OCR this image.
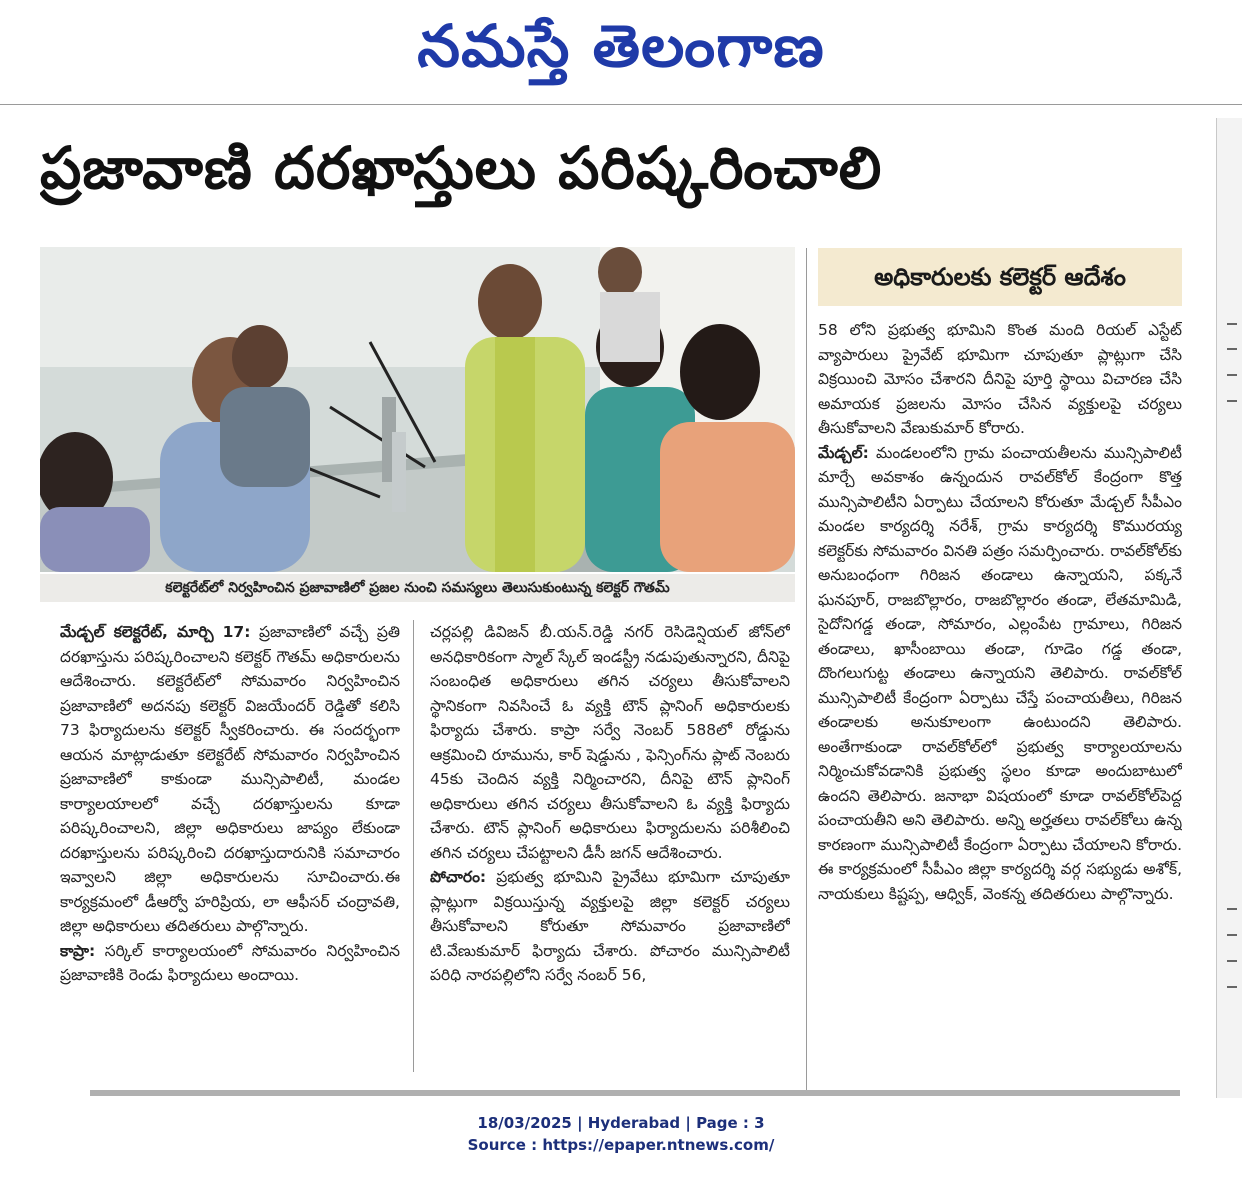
నమస్తే తెలంగాణ
ప్రజావాణి దరఖాస్తులు పరిష్కరించాలి
కలెక్టరేట్‌లో నిర్వహించిన ప్రజావాణిలో ప్రజల నుంచి సమస్యలు తెలుసుకుంటున్న కలెక్టర్ గౌతమ్
అధికారులకు కలెక్టర్ ఆదేశం

మేడ్చల్ కలెక్టరేట్, మార్చి 17: ప్రజావాణిలో వచ్చే ప్రతి దరఖాస్తును పరిష్కరించాలని కలెక్టర్ గౌతమ్ అధికారులను ఆదేశించారు. కలెక్టరేట్‌లో సోమవారం నిర్వహించిన ప్రజావాణిలో అదనపు కలెక్టర్ విజయేందర్ రెడ్డితో కలిసి 73 ఫిర్యాదులను కలెక్టర్ స్వీకరించారు. ఈ సందర్భంగా ఆయన మాట్లాడుతూ కలెక్టరేట్ సోమవారం నిర్వహించిన ప్రజావాణిలో కాకుండా మున్సిపాలిటీ, మండల కార్యాలయాలలో వచ్చే దరఖాస్తులను కూడా పరిష్కరించాలని, జిల్లా అధికారులు జాప్యం లేకుండా దరఖాస్తులను పరిష్కరించి దరఖాస్తుదారునికి సమాచారం ఇవ్వాలని జిల్లా అధికారులను సూచించారు.ఈ కార్యక్రమంలో డీఆర్వో హరిప్రియ, లా ఆఫీసర్ చంద్రావతి, జిల్లా అధికారులు తదితరులు పాల్గొన్నారు.

కాప్రా: సర్కిల్ కార్యాలయంలో సోమవారం నిర్వహించిన ప్రజావాణికి రెండు ఫిర్యాదులు అందాయి.

చర్లపల్లి డివిజన్ బీ.యన్.రెడ్డి నగర్ రెసిడెన్షియల్ జోన్‌లో అనధికారికంగా స్మాల్ స్కేల్ ఇండస్ట్రీ నడుపుతున్నారని, దీనిపై సంబంధిత అధికారులు తగిన చర్యలు తీసుకోవాలని స్థానికంగా నివసించే ఓ వ్యక్తి టౌన్ ప్లానింగ్ అధికారులకు ఫిర్యాదు చేశారు. కాప్రా సర్వే నెంబర్ 588లో రోడ్డును ఆక్రమించి రూమును, కార్ షెడ్డును , ఫెన్సింగ్‌ను ప్లాట్ నెంబరు 45కు చెందిన వ్యక్తి నిర్మించారని, దీనిపై టౌన్ ప్లానింగ్ అధికారులు తగిన చర్యలు తీసుకోవాలని ఓ వ్యక్తి ఫిర్యాదు చేశారు. టౌన్ ప్లానింగ్ అధికారులు ఫిర్యాదులను పరిశీలించి తగిన చర్యలు చేపట్టాలని డీసీ జగన్ ఆదేశించారు.

పోచారం: ప్రభుత్వ భూమిని ప్రైవేటు భూమిగా చూపుతూ ప్లాట్లుగా విక్రయిస్తున్న వ్యక్తులపై జిల్లా కలెక్టర్ చర్యలు తీసుకోవాలని కోరుతూ సోమవారం ప్రజావాణిలో టి.వేణుకుమార్ ఫిర్యాదు చేశారు. పోచారం మున్సిపాలిటీ పరిధి నారపల్లిలోని సర్వే నంబర్ 56,

58 లోని ప్రభుత్వ భూమిని కొంత మంది రియల్ ఎస్టేట్ వ్యాపారులు ప్రైవేట్ భూమిగా చూపుతూ ప్లాట్లుగా చేసి విక్రయించి మోసం చేశారని దీనిపై పూర్తి స్థాయి విచారణ చేసి అమాయక ప్రజలను మోసం చేసిన వ్యక్తులపై చర్యలు తీసుకోవాలని వేణుకుమార్ కోరారు.

మేడ్చల్: మండలంలోని గ్రామ పంచాయతీలను మున్సిపాలిటీ మార్చే అవకాశం ఉన్నందున రావల్‌కోల్ కేంద్రంగా కొత్త మున్సిపాలిటీని ఏర్పాటు చేయాలని కోరుతూ మేడ్చల్ సీపీఎం మండల కార్యదర్శి నరేశ్, గ్రామ కార్యదర్శి కొమురయ్య కలెక్టర్‌కు సోమవారం వినతి పత్రం సమర్పించారు. రావల్‌కోల్‌కు అనుబంధంగా గిరిజన తండాలు ఉన్నాయని, పక్కనే ఘనపూర్, రాజబొల్లారం, రాజబొల్లారం తండా, లేతమామిడి, సైదోనిగడ్డ తండా, సోమారం, ఎల్లంపేట గ్రామాలు, గిరిజన తండాలు, ఖాసీంబాయి తండా, గూడెం గడ్డ తండా, దొంగలుగుట్ట తండాలు ఉన్నాయని తెలిపారు. రావల్‌కోల్ మున్సిపాలిటీ కేంద్రంగా ఏర్పాటు చేస్తే పంచాయతీలు, గిరిజన తండాలకు అనుకూలంగా ఉంటుందని తెలిపారు. అంతేగాకుండా రావల్‌కోల్‌లో ప్రభుత్వ కార్యాలయాలను నిర్మించుకోవడానికి ప్రభుత్వ స్థలం కూడా అందుబాటులో ఉందని తెలిపారు. జనాభా విషయంలో కూడా రావల్‌కోల్‌పెద్ద పంచాయతీని అని తెలిపారు. అన్ని అర్హతలు రావల్‌కోలు ఉన్న కారణంగా మున్సిపాలిటీ కేంద్రంగా ఏర్పాటు చేయాలని కోరారు. ఈ కార్యక్రమంలో సీపీఎం జిల్లా కార్యదర్శి వర్గ సభ్యుడు అశోక్, నాయకులు కిష్టప్ప, ఆధ్విక్, వెంకన్న తదితరులు పాల్గొన్నారు.

18/03/2025 | Hyderabad | Page : 3
Source : https://epaper.ntnews.com/
